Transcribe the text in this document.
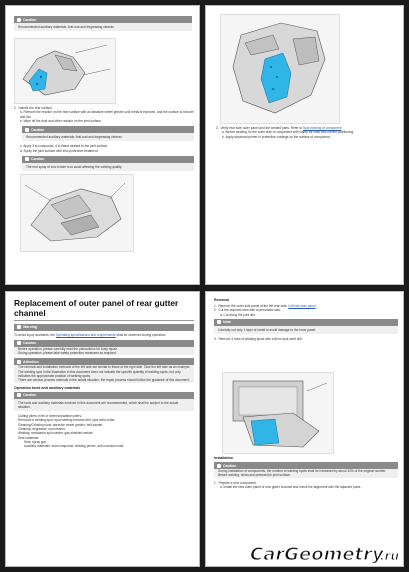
Caution
Recommended auxiliary materials: Anti-rust and degreasing cleaner.
2.  Handle the rear surface.
a. Remove the residue on the rear surface with an abrasive wheel grinder until metal is exposed, and the surface is smooth and flat.
b. Wipe off the dust and other residue on the joint surface.
Caution
Recommended auxiliary materials: Anti-rust and degreasing cleaner.
c. Apply 3 to compound, 4 to flame sealant to the joint surface.
d. Spray the joint surface with zinc-protective treatment.
Caution
The end spray of zinc binder is to avoid affecting the welding quality.
3.  Verify rear side outer panel and the welded parts. Refer to Spot welding of component
a. Before welding, fix the outer side of component with clamp for flush and correct positioning.
b. Apply structural primer to protective coatings on the surface of component.
Replacement of outer panel of rear gutter channel
Warning
To avoid injury accidents, the Operating specifications and requirements shall be observed during operation.
Caution
Before operation, please carefully read the precautions for body repair.
During operation, please take safety protection measures as required.
Attention
The removal and installation methods of the left side are similar to those of the right side. Take the left side as an example.
The welding spot in the illustration in this document does not indicate the specific quantity of welding spots, but only indicates the approximate position of welding spots.
There are various process methods in the actual situation; the repair process should follow the guidance of this document.
Operation tools and auxiliary materials
Caution
The tools and auxiliary materials involved in this document are recommended, which shall be subject to the actual situation.
Cutting pliers: rivet or sheet separation pliers.
Removal of welding spot: spot-welding removal drill, spot weld cutter.
Cleaning/Grinding tools: abrasive wheel grinder, belt sander.
Cleaning: degreaser, rust cleaner.
Welding: resistance spot welder, gas shielded welder.
Seal materials:
Seal: spray gun.
Auxiliary materials: seal compound, welding primer, anti-corrosion wax.
Removal
1.  Remove the outer side panel of the left rear side. Left rear side panel
2.  Cut the required area with a pneumatic saw.
a. Cut along the joint line.
Note
Carefully cut only 1 layer of metal to avoid damage to the inner panel.
3.  Remove 4 rows of welding spots with a 8mm spot weld drill.
Installation
Caution
During installation of components, the number of welding spots shall be increased by about 30% of the original number.
Before welding, clean and pretreat the joint surface.
1.  Prepare a new component.
a. Install the new outer panel of rear gutter channel and check the alignment with the adjacent parts.
CarGeometry
.ru
